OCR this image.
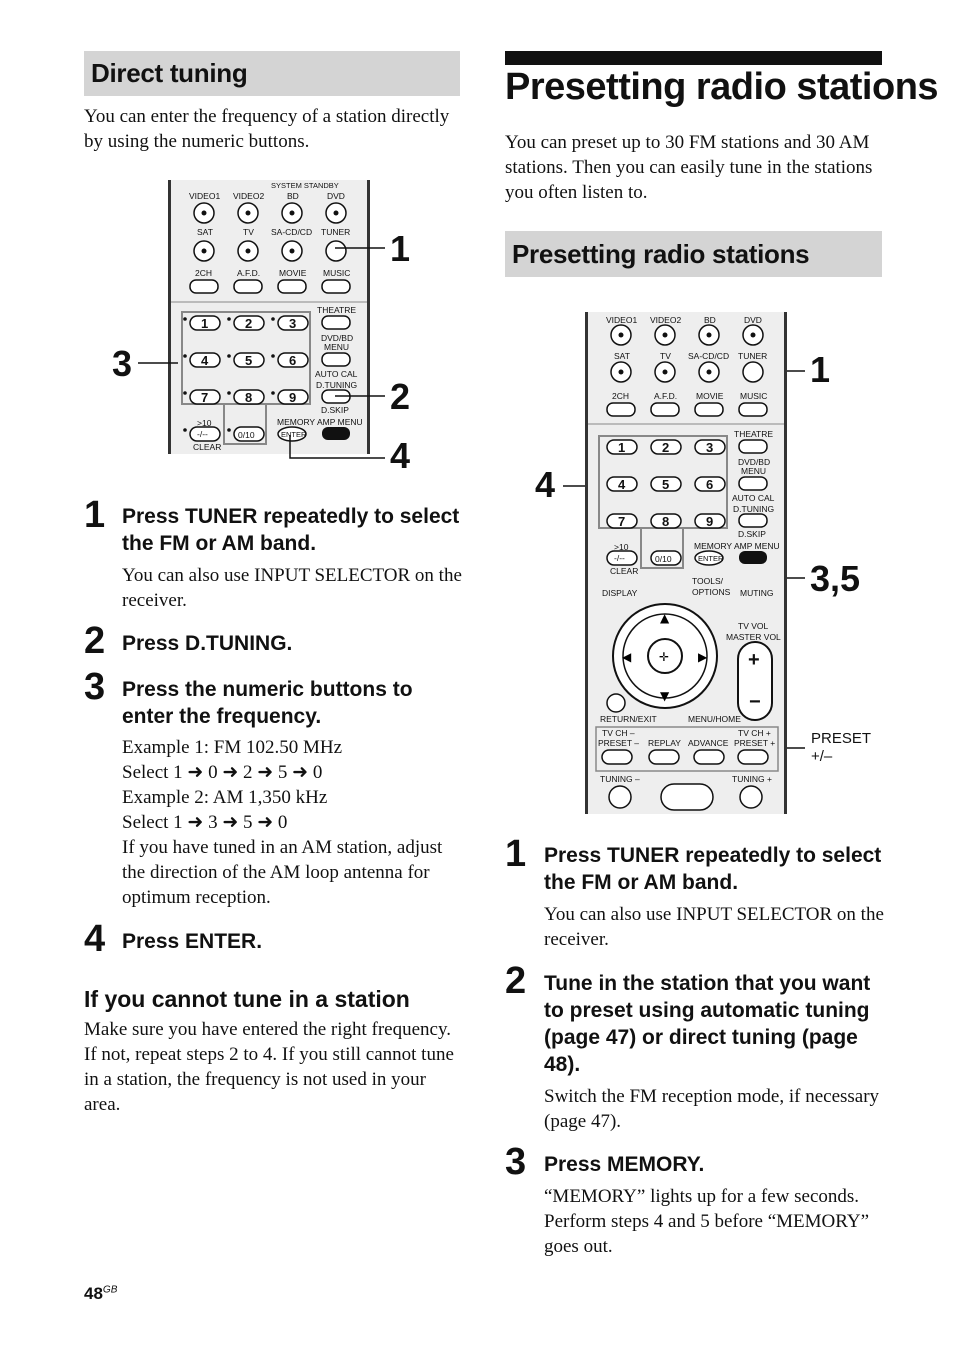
Direct tuning

You can enter the frequency of a station directly by using the numeric buttons.

SYSTEM STANDBY
VIDEO1 VIDEO2	BD	DVD
SAT	TV SA-CD/CD TUNER
2CH	A.F.D. MOVIE MUSIC
1	2	3
4	5	6
7	8	9
THEATRE
DVD/BD
MENU
AUTO CAL
D.TUNING
D.SKIP
MEMORY AMP MENU
ENTER
>10
-/--	0/10
CLEAR
1
3
2
4
1 Press TUNER repeatedly to select the FM or AM band.

You can also use INPUT SELECTOR on the receiver.

2 Press D.TUNING.

3 Press the numeric buttons to enter the frequency.

Example 1: FM 102.50 MHz

Select 1 ➜ 0 ➜ 2 ➜ 5 ➜ 0

Example 2: AM 1,350 kHz

Select 1 ➜ 3 ➜ 5 ➜ 0

If you have tuned in an AM station, adjust the direction of the AM loop antenna for optimum reception.

4 Press ENTER.

If you cannot tune in a station

Make sure you have entered the right frequency. If not, repeat steps 2 to 4. If you still cannot tune in a station, the frequency is not used in your area.

Presetting radio stations

You can preset up to 30 FM stations and 30 AM stations. Then you can easily tune in the stations you often listen to.

Presetting radio stations
VIDEO1 VIDEO2	BD	DVD
SAT	TV SA-CD/CD TUNER
2CH	A.F.D. MOVIE MUSIC
1	2	3
4	5	6
7	8	9
THEATRE
DVD/BD
MENU
AUTO CAL
D.TUNING
D.SKIP
MEMORY AMP MENU
ENTER
>10
-/--	0/10
CLEAR
TOOLS/
OPTIONS
DISPLAY	MUTING
TV VOL
MASTER VOL
▲
▼
◀	▶
✛	+
−
RETURN/EXIT	MENU/HOME
TV CH –
PRESET – REPLAY ADVANCE
TV CH +
PRESET +
TUNING –	TUNING +
1
4
3,5
PRESET
+/–
1 Press TUNER repeatedly to select the FM or AM band.

You can also use INPUT SELECTOR on the receiver.

2 Tune in the station that you want to preset using automatic tuning (page 47) or direct tuning (page 48).

Switch the FM reception mode, if necessary (page 47).

3 Press MEMORY.

“MEMORY” lights up for a few seconds. Perform steps 4 and 5 before “MEMORY” goes out.

$48^{GB}$
